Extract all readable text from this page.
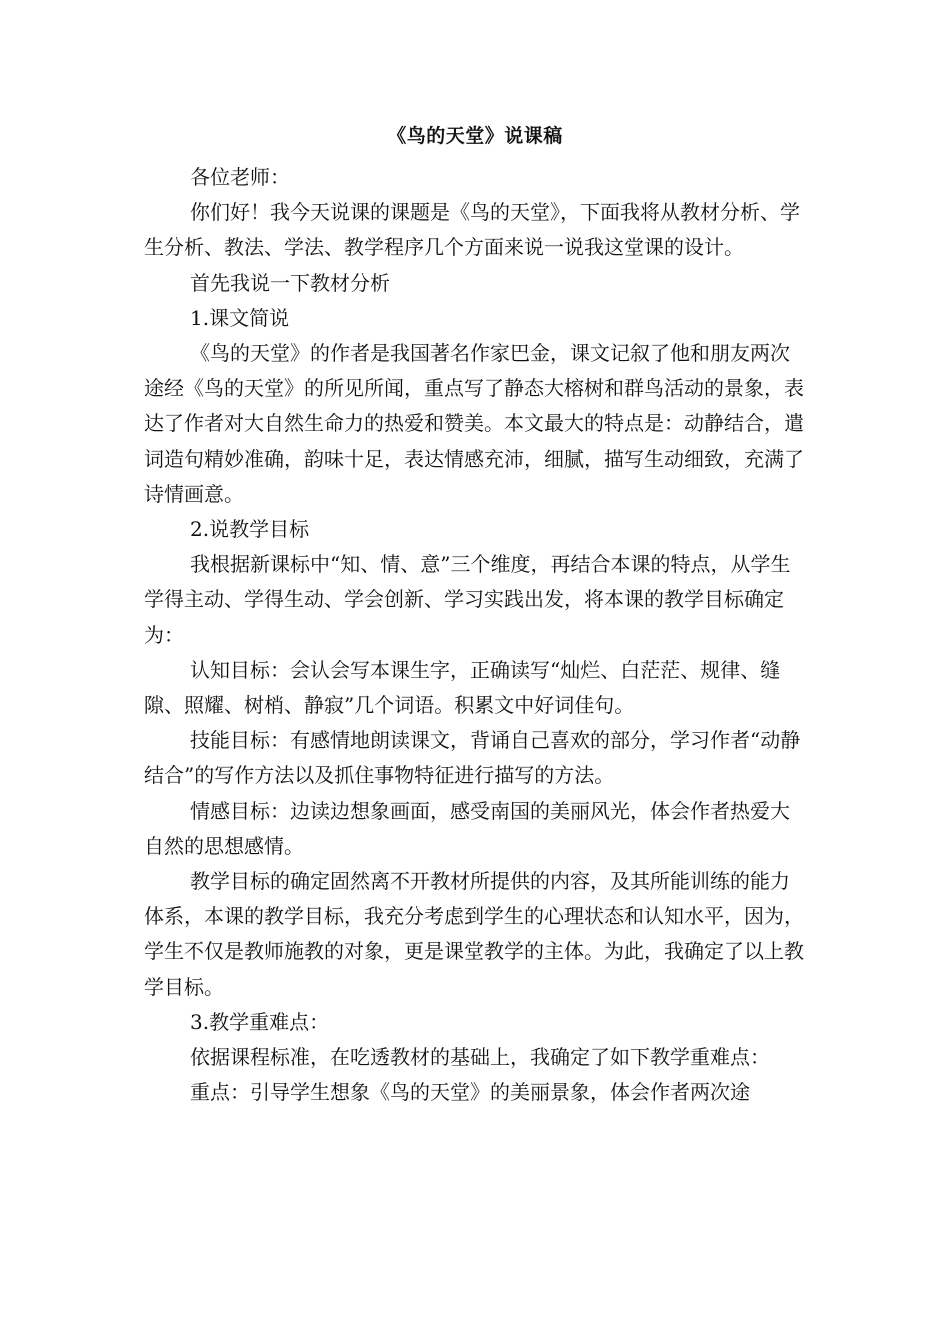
《鸟的天堂》说课稿

各位老师：

你们好！我今天说课的课题是《鸟的天堂》，下面我将从教材分析、学生分析、教法、学法、教学程序几个方面来说一说我这堂课的设计。

首先我说一下教材分析

1.课文简说

《鸟的天堂》的作者是我国著名作家巴金，课文记叙了他和朋友两次途经《鸟的天堂》的所见所闻，重点写了静态大榕树和群鸟活动的景象，表达了作者对大自然生命力的热爱和赞美。本文最大的特点是：动静结合，遣词造句精妙准确，韵味十足，表达情感充沛，细腻，描写生动细致，充满了诗情画意。

2.说教学目标

我根据新课标中“知、情、意”三个维度，再结合本课的特点，从学生学得主动、学得生动、学会创新、学习实践出发，将本课的教学目标确定为：

认知目标：会认会写本课生字，正确读写“灿烂、白茫茫、规律、缝隙、照耀、树梢、静寂”几个词语。积累文中好词佳句。

技能目标：有感情地朗读课文，背诵自己喜欢的部分，学习作者“动静结合”的写作方法以及抓住事物特征进行描写的方法。

情感目标：边读边想象画面，感受南国的美丽风光，体会作者热爱大自然的思想感情。

教学目标的确定固然离不开教材所提供的内容，及其所能训练的能力体系，本课的教学目标，我充分考虑到学生的心理状态和认知水平，因为，学生不仅是教师施教的对象，更是课堂教学的主体。为此，我确定了以上教学目标。

3.教学重难点：

依据课程标准，在吃透教材的基础上，我确定了如下教学重难点：

重点：引导学生想象《鸟的天堂》的美丽景象，体会作者两次途
